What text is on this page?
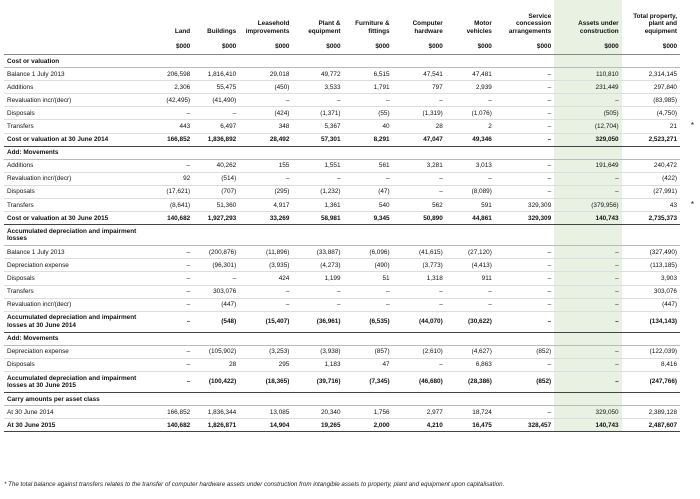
	Land	Buildings	Leasehold improvements	Plant & equipment	Furniture & fittings	Computer hardware	Motor vehicles	Service concession arrangements	Assets under construction	Total property, plant and equipment
	$000	$000	$000	$000	$000	$000	$000	$000	$000	$000
Cost or valuation										
Balance 1 July 2013	206,598	1,816,410	29,018	49,772	6,515	47,541	47,481	–	110,810	2,314,145
Additions	2,306	55,475	(450)	3,533	1,791	797	2,939	–	231,449	297,840
Revaluation incr/(decr)	(42,495)	(41,490)	–	–	–	–	–	–	–	(83,985)
Disposals	–	–	(424)	(1,371)	(55)	(1,319)	(1,076)	–	(505)	(4,750)
Transfers	443	6,497	348	5,367	40	28	2	–	(12,704)	21
Cost or valuation at 30 June 2014	166,852	1,836,892	28,492	57,301	8,291	47,047	49,346	–	329,050	2,523,271
Add: Movements										
Additions	–	40,262	155	1,551	561	3,281	3,013	–	191,649	240,472
Revaluation incr/(decr)	92	(514)	–	–	–	–	–	–	–	(422)
Disposals	(17,621)	(707)	(295)	(1,232)	(47)	–	(8,089)	–	–	(27,991)
Transfers	(8,641)	51,360	4,917	1,361	540	562	591	329,309	(379,956)	43
Cost or valuation at 30 June 2015	140,682	1,927,293	33,269	58,981	9,345	50,890	44,861	329,309	140,743	2,735,373
Accumulated depreciation and impairment losses										
Balance 1 July 2013	–	(200,876)	(11,896)	(33,887)	(6,096)	(41,615)	(27,120)	–	–	(327,490)
Depreciation expense	–	(96,301)	(3,935)	(4,273)	(490)	(3,773)	(4,413)	–	–	(113,185)
Disposals	–	–	424	1,199	51	1,318	911	–	–	3,903
Transfers	–	303,076	–	–	–	–	–	–	–	303,076
Revaluation incr/(decr)	–	(447)	–	–	–	–	–	–	–	(447)
Accumulated depreciation and impairment losses at 30 June 2014	–	(548)	(15,407)	(36,961)	(6,535)	(44,070)	(30,622)	–	–	(134,143)
Add: Movements										
Depreciation expense	–	(105,902)	(3,253)	(3,938)	(857)	(2,610)	(4,627)	(852)	–	(122,039)
Disposals	–	28	295	1,183	47	–	6,863	–	–	8,416
Accumulated depreciation and impairment losses at 30 June 2015	–	(100,422)	(18,365)	(39,716)	(7,345)	(46,680)	(28,386)	(852)	–	(247,766)
Carry amounts per asset class										
At 30 June 2014	166,852	1,836,344	13,085	20,340	1,756	2,977	18,724	–	329,050	2,389,128
At 30 June 2015	140,682	1,826,871	14,904	19,265	2,000	4,210	16,475	328,457	140,743	2,487,607
* The total balance against transfers relates to the transfer of computer hardware assets under construction from intangible assets to property, plant and equipment upon capitalisation.
*
*
